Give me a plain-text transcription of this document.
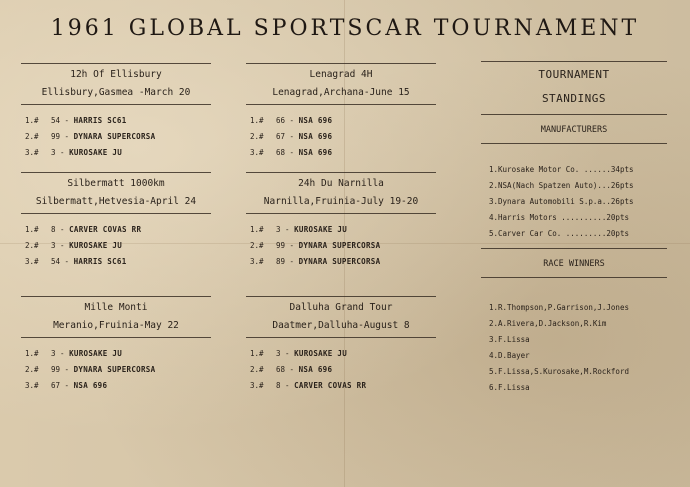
1961 GLOBAL SPORTSCAR TOURNAMENT
12h Of Ellisbury
Ellisbury,Gasmea -March 20
1.# 54 - HARRIS SC61
2.# 99 - DYNARA SUPERCORSA
3.# 3 - KUROSAKE JU
Lenagrad 4H
Lenagrad,Archana-June 15
1.# 66 - NSA 696
2.# 67 - NSA 696
3.# 68 - NSA 696
Silbermatt 1000km
Silbermatt,Hetvesia-April 24
1.# 8 - CARVER COVAS RR
2.# 3 - KUROSAKE JU
3.# 54 - HARRIS SC61
24h Du Narnilla
Narnilla,Fruinia-July 19-20
1.# 3 - KUROSAKE JU
2.# 99 - DYNARA SUPERCORSA
3.# 89 - DYNARA SUPERCORSA
Mille Monti
Meranio,Fruinia-May 22
1.# 3 - KUROSAKE JU
2.# 99 - DYNARA SUPERCORSA
3.# 67 - NSA 696
Dalluha Grand Tour
Daatmer,Dalluha-August 8
1.# 3 - KUROSAKE JU
2.# 68 - NSA 696
3.# 8 - CARVER COVAS RR
TOURNAMENT
STANDINGS
MANUFACTURERS
1.Kurosake Motor Co. ......34pts
2.NSA(Nach Spatzen Auto)...26pts
3.Dynara Automobili S.p.a..26pts
4.Harris Motors ..........20pts
5.Carver Car Co. .........20pts
RACE WINNERS
1.R.Thompson,P.Garrison,J.Jones
2.A.Rivera,D.Jackson,R.Kim
3.F.Lissa
4.D.Bayer
5.F.Lissa,S.Kurosake,M.Rockford
6.F.Lissa
